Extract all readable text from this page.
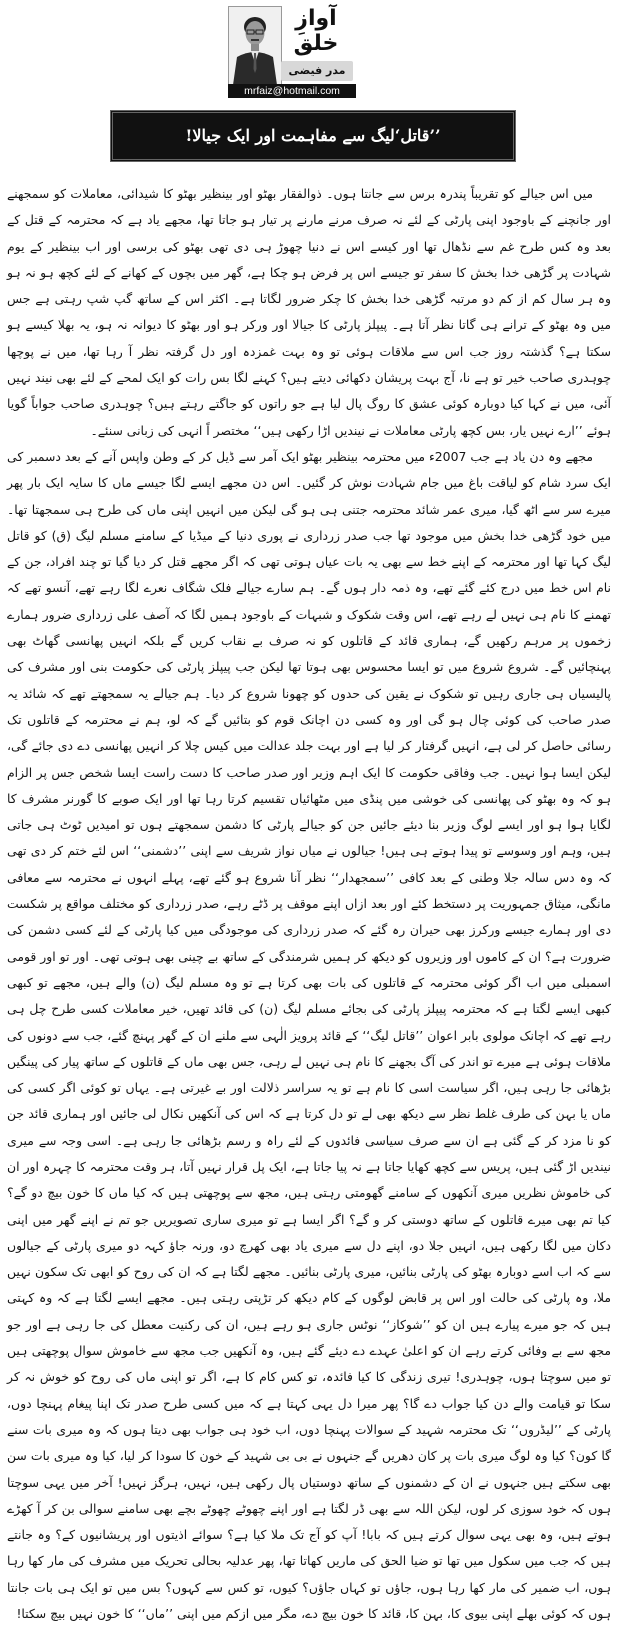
آوازِ خلق
مدر فیضی
mrfaiz@hotmail.com
’’قاتل‘لیگ سے مفاہمت اور ایک جیالا!

میں اس جیالے کو تقریباً پندرہ برس سے جانتا ہوں۔ ذوالفقار بھٹو اور بینظیر بھٹو کا شیدائی، معاملات کو سمجھنے اور جانچنے کے باوجود اپنی پارٹی کے لئے نہ صرف مرنے مارنے پر تیار ہو جاتا تھا، مجھے یاد ہے کہ محترمہ کے قتل کے بعد وہ کس طرح غم سے نڈھال تھا اور کیسے اس نے دنیا چھوڑ ہی دی تھی بھٹو کی برسی اور اب بینظیر کے یوم شہادت پر گڑھی خدا بخش کا سفر تو جیسے اس پر فرض ہو چکا ہے، گھر میں بچوں کے کھانے کے لئے کچھ ہو نہ ہو وہ ہر سال کم از کم دو مرتبہ گڑھی خدا بخش کا چکر ضرور لگاتا ہے۔ اکثر اس کے ساتھ گپ شپ رہتی ہے جس میں وہ بھٹو کے ترانے ہی گاتا نظر آتا ہے۔ پیپلز پارٹی کا جیالا اور ورکر ہو اور بھٹو کا دیوانہ نہ ہو، یہ بھلا کیسے ہو سکتا ہے؟ گذشتہ روز جب اس سے ملاقات ہوئی تو وہ بہت غمزدہ اور دل گرفتہ نظر آ رہا تھا، میں نے پوچھا چوہدری صاحب خیر تو ہے نا، آج بہت پریشان دکھائی دیتے ہیں؟ کہنے لگا بس رات کو ایک لمحے کے لئے بھی نیند نہیں آئی، میں نے کہا کیا دوبارہ کوئی عشق کا روگ پال لیا ہے جو راتوں کو جاگتے رہتے ہیں؟ چوہدری صاحب جواباً گویا ہوئے ’’ارے نہیں یار، بس کچھ پارٹی معاملات نے نیندیں اڑا رکھی ہیں‘‘ مختصر اً انہی کی زبانی سنئے۔

مجھے وہ دن یاد ہے جب 2007ء میں محترمہ بینظیر بھٹو ایک آمر سے ڈیل کر کے وطن واپس آنے کے بعد دسمبر کی ایک سرد شام کو لیاقت باغ میں جام شہادت نوش کر گئیں۔ اس دن مجھے ایسے لگا جیسے ماں کا سایہ ایک بار پھر میرے سر سے اٹھ گیا، میری عمر شائد محترمہ جتنی ہی ہو گی لیکن میں انہیں اپنی ماں کی طرح ہی سمجھتا تھا۔ میں خود گڑھی خدا بخش میں موجود تھا جب صدر زرداری نے پوری دنیا کے میڈیا کے سامنے مسلم لیگ (ق) کو قاتل لیگ کہا تھا اور محترمہ کے اپنے خط سے بھی یہ بات عیاں ہوتی تھی کہ اگر مجھے قتل کر دیا گیا تو چند افراد، جن کے نام اس خط میں درج کئے گئے تھے، وہ ذمہ دار ہوں گے۔ ہم سارے جیالے فلک شگاف نعرے لگا رہے تھے، آنسو تھے کہ تھمنے کا نام ہی نہیں لے رہے تھے، اس وقت شکوک و شبہات کے باوجود ہمیں لگا کہ آصف علی زرداری ضرور ہمارے زخموں پر مرہم رکھیں گے، ہماری قائد کے قاتلوں کو نہ صرف بے نقاب کریں گے بلکہ انہیں پھانسی گھاٹ بھی پہنچائیں گے۔ شروع شروع میں تو ایسا محسوس بھی ہوتا تھا لیکن جب پیپلز پارٹی کی حکومت بنی اور مشرف کی پالیسیاں ہی جاری رہیں تو شکوک نے یقین کی حدوں کو چھونا شروع کر دیا۔ ہم جیالے یہ سمجھتے تھے کہ شائد یہ صدر صاحب کی کوئی چال ہو گی اور وہ کسی دن اچانک قوم کو بتائیں گے کہ لو، ہم نے محترمہ کے قاتلوں تک رسائی حاصل کر لی ہے، انہیں گرفتار کر لیا ہے اور بہت جلد عدالت میں کیس چلا کر انہیں پھانسی دے دی جائے گی، لیکن ایسا ہوا نہیں۔ جب وفاقی حکومت کا ایک اہم وزیر اور صدر صاحب کا دست راست ایسا شخص جس پر الزام ہو کہ وہ بھٹو کی پھانسی کی خوشی میں پنڈی میں مٹھائیاں تقسیم کرتا رہا تھا اور ایک صوبے کا گورنر مشرف کا لگایا ہوا ہو اور ایسے لوگ وزیر بنا دیئے جائیں جن کو جیالے پارٹی کا دشمن سمجھتے ہوں تو امیدیں ٹوٹ ہی جاتی ہیں، وہم اور وسوسے تو پیدا ہوتے ہی ہیں! جیالوں نے میاں نواز شریف سے اپنی ’’دشمنی‘‘ اس لئے ختم کر دی تھی کہ وہ دس سالہ جلا وطنی کے بعد کافی ’’سمجھدار‘‘ نظر آنا شروع ہو گئے تھے، پہلے انہوں نے محترمہ سے معافی مانگی، میثاق جمہوریت پر دستخط کئے اور بعد ازاں اپنے موقف پر ڈٹے رہے، صدر زرداری کو مختلف مواقع پر شکست دی اور ہمارے جیسے ورکرز بھی حیران رہ گئے کہ صدر زرداری کی موجودگی میں کیا پارٹی کے لئے کسی دشمن کی ضرورت ہے؟ ان کے کاموں اور وزیروں کو دیکھ کر ہمیں شرمندگی کے ساتھ بے چینی بھی ہوتی تھی۔ اور تو اور قومی اسمبلی میں اب اگر کوئی محترمہ کے قاتلوں کی بات بھی کرتا ہے تو وہ مسلم لیگ (ن) والے ہیں، مجھے تو کبھی کبھی ایسے لگتا ہے کہ محترمہ پیپلز پارٹی کی بجائے مسلم لیگ (ن) کی قائد تھیں، خیر معاملات کسی طرح چل ہی رہے تھے کہ اچانک مولوی بابر اعوان ’’قاتل لیگ‘‘ کے قائد پرویز الٰہی سے ملنے ان کے گھر پہنچ گئے، جب سے دونوں کی ملاقات ہوئی ہے میرے تو اندر کی آگ بجھنے کا نام ہی نہیں لے رہی، جس بھی ماں کے قاتلوں کے ساتھ پیار کی پینگیں بڑھائی جا رہی ہیں، اگر سیاست اسی کا نام ہے تو یہ سراسر ذلالت اور بے غیرتی ہے۔ یہاں تو کوئی اگر کسی کی ماں یا بہن کی طرف غلط نظر سے دیکھ بھی لے تو دل کرتا ہے کہ اس کی آنکھیں نکال لی جائیں اور ہماری قائد جن کو نا مزد کر کے گئی ہے ان سے صرف سیاسی فائدوں کے لئے راہ و رسم بڑھائی جا رہی ہے۔ اسی وجہ سے میری نیندیں اڑ گئی ہیں، پریس سے کچھ کھایا جاتا ہے نہ پیا جاتا ہے، ایک پل قرار نہیں آتا، ہر وقت محترمہ کا چہرہ اور ان کی خاموش نظریں میری آنکھوں کے سامنے گھومتی رہتی ہیں، مجھ سے پوچھتی ہیں کہ کیا ماں کا خون بیچ دو گے؟ کیا تم بھی میرے قاتلوں کے ساتھ دوستی کر و گے؟ اگر ایسا ہے تو میری ساری تصویریں جو تم نے اپنے گھر میں اپنی دکان میں لگا رکھی ہیں، انہیں جلا دو، اپنے دل سے میری یاد بھی کھرچ دو، ورنہ جاؤ کہہ دو میری پارٹی کے جیالوں سے کہ اب اسے دوبارہ بھٹو کی پارٹی بنائیں، میری پارٹی بنائیں۔ مجھے لگتا ہے کہ ان کی روح کو ابھی تک سکون نہیں ملا، وہ پارٹی کی حالت اور اس پر قابض لوگوں کے کام دیکھ کر تڑپتی رہتی ہیں۔ مجھے ایسے لگتا ہے کہ وہ کہتی ہیں کہ جو میرے پیارے ہیں ان کو ’’شوکاز‘‘ نوٹس جاری ہو رہے ہیں، ان کی رکنیت معطل کی جا رہی ہے اور جو مجھ سے بے وفائی کرتے رہے ان کو اعلیٰ عہدے دے دیئے گئے ہیں، وہ آنکھیں جب مجھ سے خاموش سوال پوچھتی ہیں تو میں سوچتا ہوں، چوہدری! تیری زندگی کا کیا فائدہ، تو کس کام کا ہے، اگر تو اپنی ماں کی روح کو خوش نہ کر سکا تو قیامت والے دن کیا جواب دے گا؟ پھر میرا دل یہی کہتا ہے کہ میں کسی طرح صدر تک اپنا پیغام پہنچا دوں، پارٹی کے ’’لیڈروں‘‘ تک محترمہ شہید کے سوالات پہنچا دوں، اب خود ہی جواب بھی دیتا ہوں کہ وہ میری بات سنے گا کون؟ کیا وہ لوگ میری بات پر کان دھریں گے جنہوں نے بی بی شہید کے خون کا سودا کر لیا، کیا وہ میری بات سن بھی سکتے ہیں جنہوں نے ان کے دشمنوں کے ساتھ دوستیاں پال رکھی ہیں، نہیں، ہرگز نہیں! آخر میں یہی سوچتا ہوں کہ خود سوزی کر لوں، لیکن اللہ سے بھی ڈر لگتا ہے اور اپنے چھوٹے چھوٹے بچے بھی سامنے سوالی بن کر آ کھڑے ہوتے ہیں، وہ بھی یہی سوال کرتے ہیں کہ بابا! آپ کو آج تک ملا کیا ہے؟ سوائے اذیتوں اور پریشانیوں کے؟ وہ جانتے ہیں کہ جب میں سکول میں تھا تو ضیا الحق کی ماریں کھاتا تھا، پھر عدلیہ بحالی تحریک میں مشرف کی مار کھا رہا ہوں، اب ضمیر کی مار کھا رہا ہوں، جاؤں تو کہاں جاؤں؟ کیوں، تو کس سے کہوں؟ بس میں تو ایک ہی بات جانتا ہوں کہ کوئی بھلے اپنی بیوی کا، بہن کا، قائد کا خون بیچ دے، مگر میں ازکم میں اپنی ’’ماں‘‘ کا خون نہیں بیچ سکتا!
